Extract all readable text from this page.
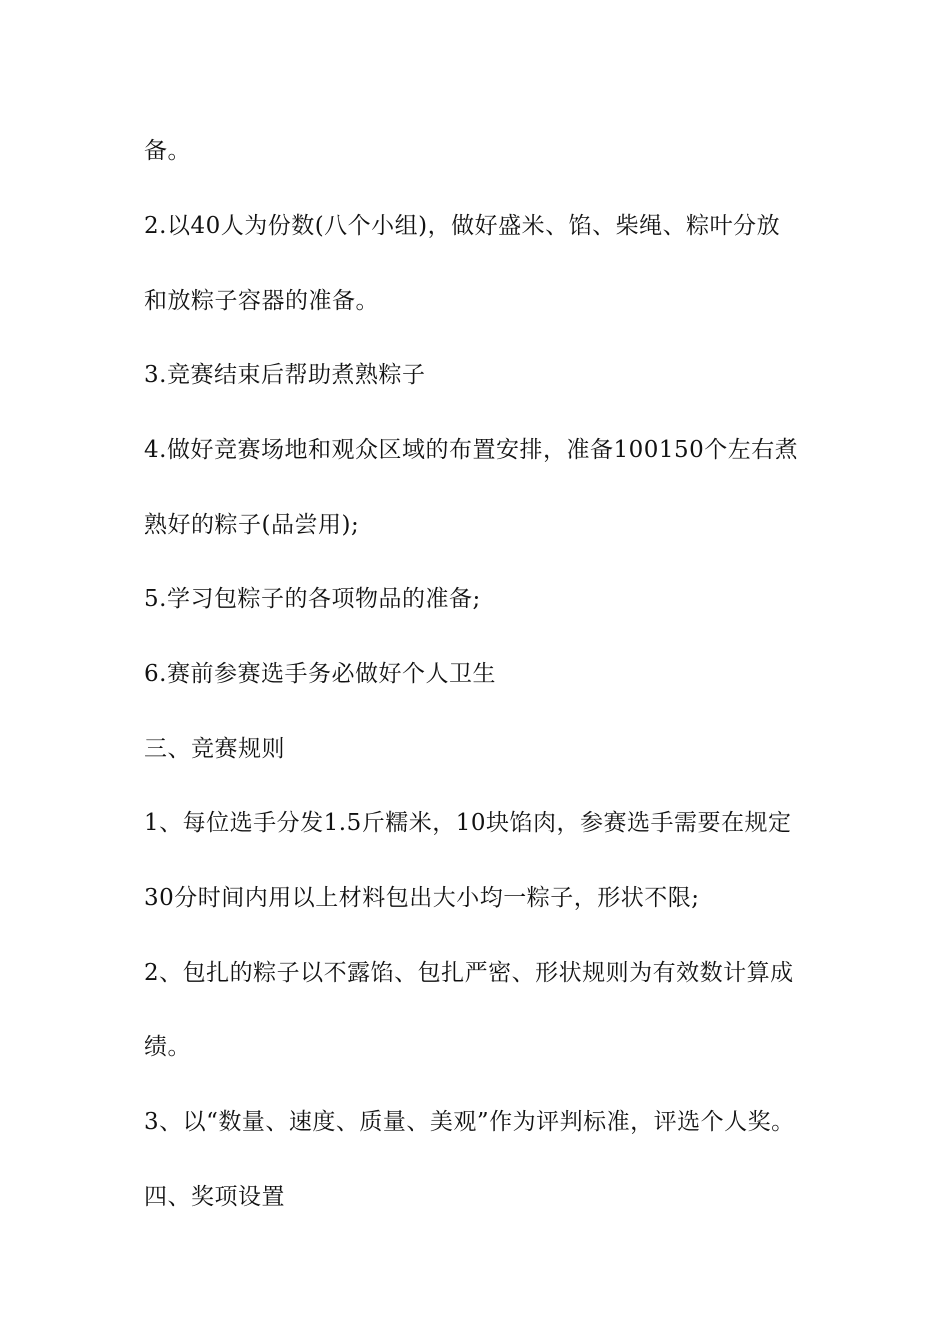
备。
2.以40人为份数(八个小组)，做好盛米、馅、柴绳、粽叶分放
和放粽子容器的准备。
3.竞赛结束后帮助煮熟粽子
4.做好竞赛场地和观众区域的布置安排，准备100150个左右煮
熟好的粽子(品尝用);
5.学习包粽子的各项物品的准备;
6.赛前参赛选手务必做好个人卫生
三、竞赛规则
1、每位选手分发1.5斤糯米，10块馅肉，参赛选手需要在规定
30分时间内用以上材料包出大小均一粽子，形状不限;
2、包扎的粽子以不露馅、包扎严密、形状规则为有效数计算成
绩。
3、以“数量、速度、质量、美观”作为评判标准，评选个人奖。
四、奖项设置
